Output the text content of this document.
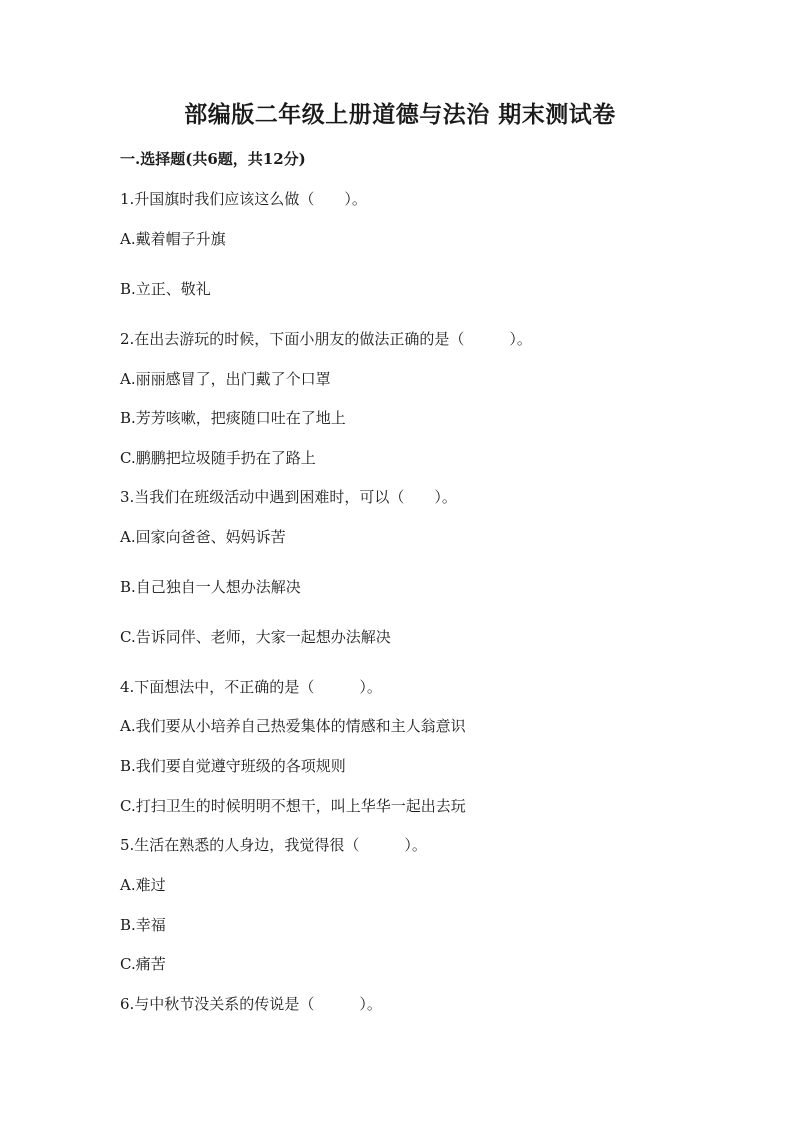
部编版二年级上册道德与法治 期末测试卷
一.选择题(共6题，共12分)
1.升国旗时我们应该这么做（　　）。
A.戴着帽子升旗
B.立正、敬礼
2.在出去游玩的时候，下面小朋友的做法正确的是（　　　）。
A.丽丽感冒了，出门戴了个口罩
B.芳芳咳嗽，把痰随口吐在了地上
C.鹏鹏把垃圾随手扔在了路上
3.当我们在班级活动中遇到困难时，可以（　　）。
A.回家向爸爸、妈妈诉苦
B.自己独自一人想办法解决
C.告诉同伴、老师，大家一起想办法解决
4.下面想法中，不正确的是（　　　）。
A.我们要从小培养自己热爱集体的情感和主人翁意识
B.我们要自觉遵守班级的各项规则
C.打扫卫生的时候明明不想干，叫上华华一起出去玩
5.生活在熟悉的人身边，我觉得很（　　　）。
A.难过
B.幸福
C.痛苦
6.与中秋节没关系的传说是（　　　）。
